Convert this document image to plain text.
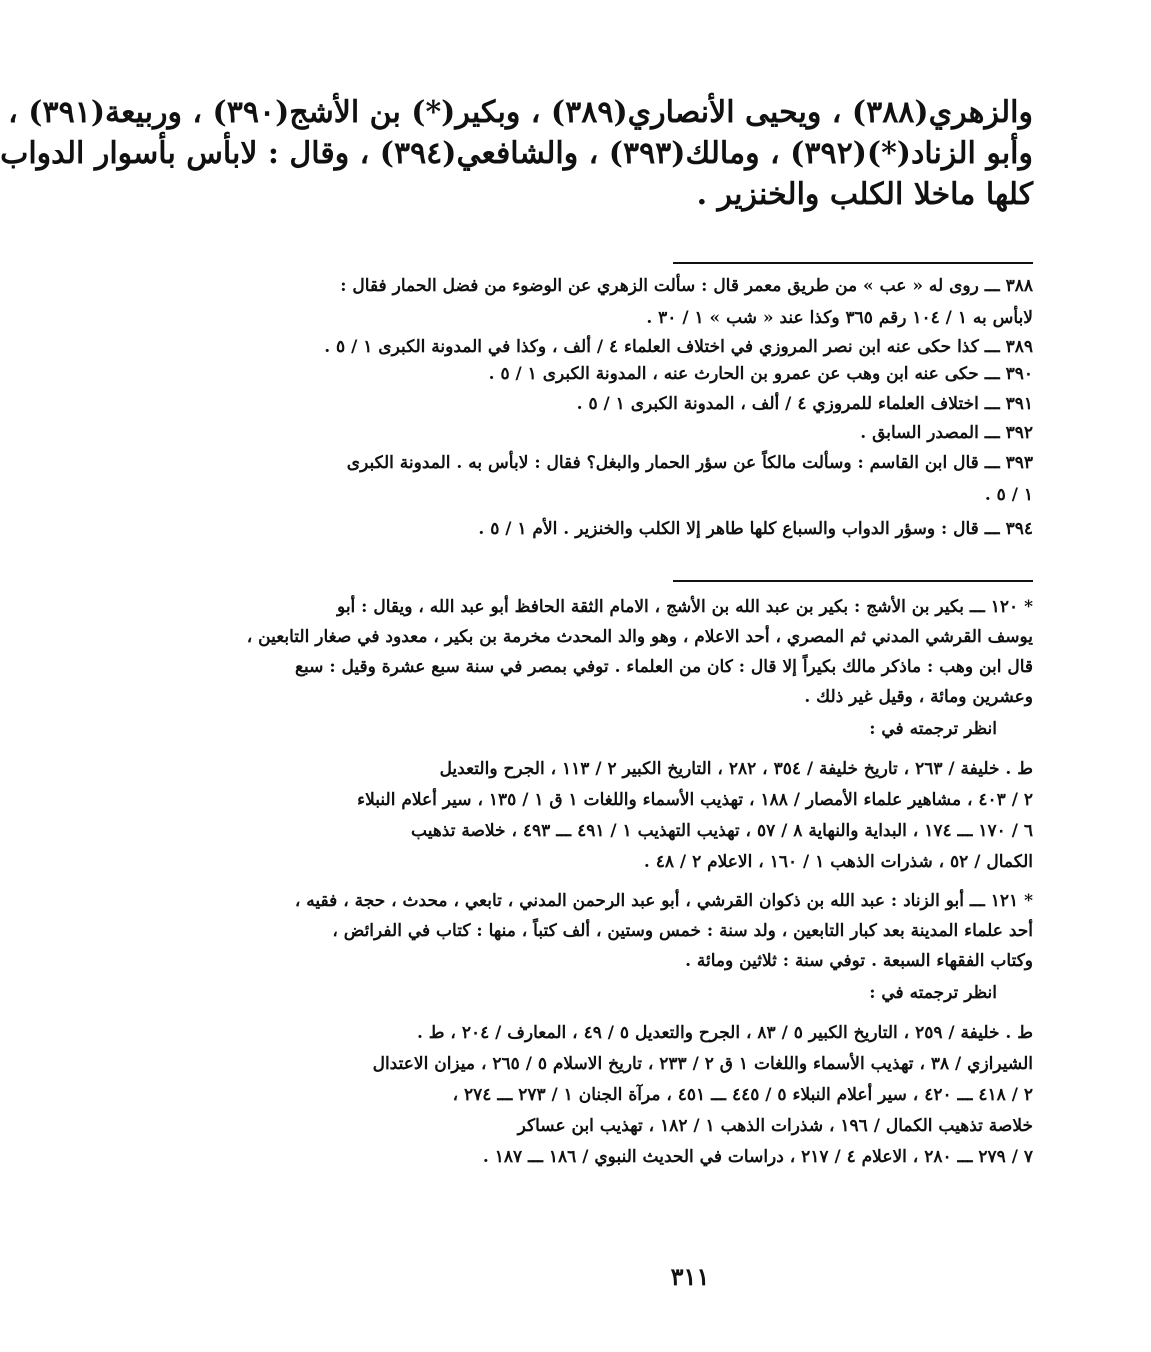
والزهري(٣٨٨) ، ويحيى الأنصاري(٣٨٩) ، وبكير(*) بن الأشج(٣٩٠) ، وربيعة(٣٩١) ،
وأبو الزناد(*)(٣٩٢) ، ومالك(٣٩٣) ، والشافعي(٣٩٤) ، وقال : لابأس بأسوار الدواب
كلها ماخلا الكلب والخنزير .
٣٨٨ ـــ روى له « عب » من طريق معمر قال : سألت الزهري عن الوضوء من فضل الحمار فقال :
لابأس به ١ / ١٠٤ رقم ٣٦٥ وكذا عند « شب » ١ / ٣٠ .
٣٨٩ ـــ كذا حكى عنه ابن نصر المروزي في اختلاف العلماء ٤ / ألف ، وكذا في المدونة الكبرى ١ / ٥ .
٣٩٠ ـــ حكى عنه ابن وهب عن عمرو بن الحارث عنه ، المدونة الكبرى ١ / ٥ .
٣٩١ ـــ اختلاف العلماء للمروزي ٤ / ألف ، المدونة الكبرى ١ / ٥ .
٣٩٢ ـــ المصدر السابق .
٣٩٣ ـــ قال ابن القاسم : وسألت مالكاً عن سؤر الحمار والبغل؟ فقال : لابأس به . المدونة الكبرى
١ / ٥ .
٣٩٤ ـــ قال : وسؤر الدواب والسباع كلها طاهر إلا الكلب والخنزير . الأم ١ / ٥ .
* ١٢٠ ـــ بكير بن الأشج : بكير بن عبد الله بن الأشج ، الامام الثقة الحافظ أبو عبد الله ، ويقال : أبو
يوسف القرشي المدني ثم المصري ، أحد الاعلام ، وهو والد المحدث مخرمة بن بكير ، معدود في صغار التابعين ،
قال ابن وهب : ماذكر مالك بكيراً إلا قال : كان من العلماء . توفي بمصر في سنة سبع عشرة وقيل : سبع
وعشرين ومائة ، وقيل غير ذلك .
انظر ترجمته في :
ط . خليفة / ٢٦٣ ، تاريخ خليفة / ٣٥٤ ، ٢٨٢ ، التاريخ الكبير ٢ / ١١٣ ، الجرح والتعديل
٢ / ٤٠٣ ، مشاهير علماء الأمصار / ١٨٨ ، تهذيب الأسماء واللغات ١ ق ١ / ١٣٥ ، سير أعلام النبلاء
٦ / ١٧٠ ـــ ١٧٤ ، البداية والنهاية ٨ / ٥٧ ، تهذيب التهذيب ١ / ٤٩١ ـــ ٤٩٣ ، خلاصة تذهيب
الكمال / ٥٢ ، شذرات الذهب ١ / ١٦٠ ، الاعلام ٢ / ٤٨ .
* ١٢١ ـــ أبو الزناد : عبد الله بن ذكوان القرشي ، أبو عبد الرحمن المدني ، تابعي ، محدث ، حجة ، فقيه ،
أحد علماء المدينة بعد كبار التابعين ، ولد سنة : خمس وستين ، ألف كتباً ، منها : كتاب في الفرائض ،
وكتاب الفقهاء السبعة . توفي سنة : ثلاثين ومائة .
انظر ترجمته في :
ط . خليفة / ٢٥٩ ، التاريخ الكبير ٥ / ٨٣ ، الجرح والتعديل ٥ / ٤٩ ، المعارف / ٢٠٤ ، ط .
الشيرازي / ٣٨ ، تهذيب الأسماء واللغات ١ ق ٢ / ٢٣٣ ، تاريخ الاسلام ٥ / ٢٦٥ ، ميزان الاعتدال
٢ / ٤١٨ ـــ ٤٢٠ ، سير أعلام النبلاء ٥ / ٤٤٥ ـــ ٤٥١ ، مرآة الجنان ١ / ٢٧٣ ـــ ٢٧٤ ،
خلاصة تذهيب الكمال / ١٩٦ ، شذرات الذهب ١ / ١٨٢ ، تهذيب ابن عساكر
٧ / ٢٧٩ ـــ ٢٨٠ ، الاعلام ٤ / ٢١٧ ، دراسات في الحديث النبوي / ١٨٦ ـــ ١٨٧ .
٣١١
